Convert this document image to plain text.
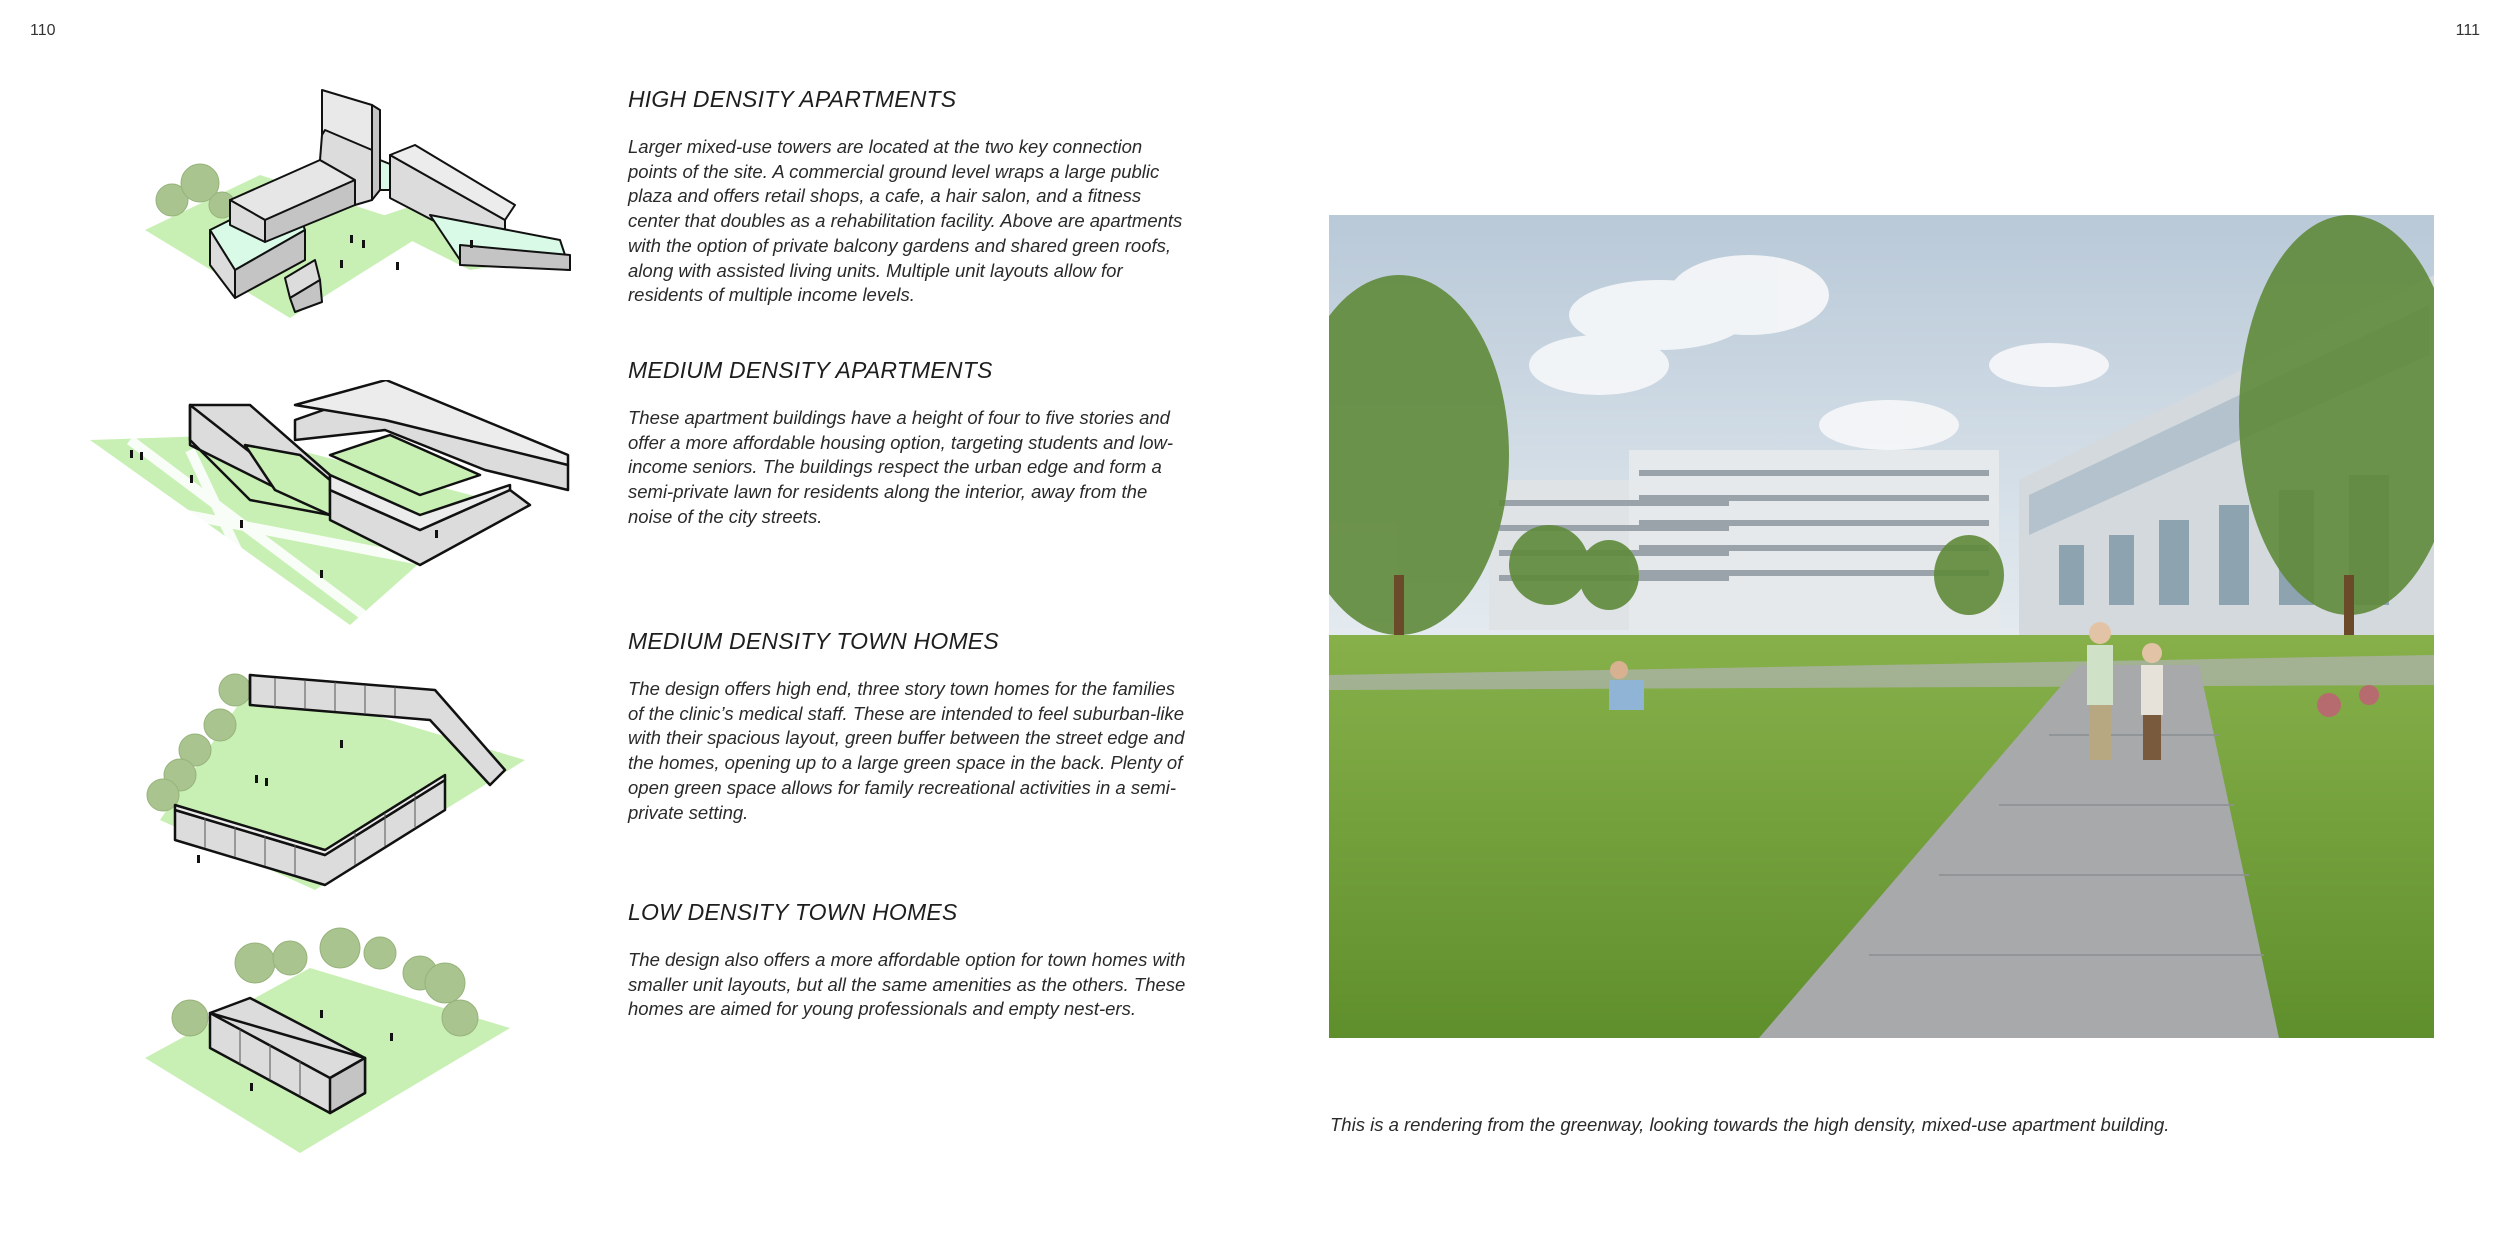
110	111
HIGH DENSITY APARTMENTS

Larger mixed-use towers are located at the two key connection points of the site. A commercial ground level wraps a large public plaza and offers retail shops, a cafe, a hair salon, and a fitness center that doubles as a rehabilitation facility. Above are apartments with the option of private balcony gardens and shared green roofs, along with assisted living units. Multiple unit layouts allow for residents of multiple income levels.

MEDIUM DENSITY APARTMENTS

These apartment buildings have a height of four to five stories and offer a more affordable housing option, targeting students and low-income seniors. The buildings respect the urban edge and form a semi-private lawn for residents along the interior, away from the noise of the city streets.

MEDIUM DENSITY TOWN HOMES

The design offers high end, three story town homes for the families of the clinic’s medical staff. These are intended to feel suburban-like with their spacious layout, green buffer between the street edge and the homes, opening up to a large green space in the back. Plenty of open green space allows for family recreational activities in a semi-private setting.

LOW DENSITY TOWN HOMES

The design also offers a more affordable option for town homes with smaller unit layouts, but all the same amenities as the others. These homes are aimed for young professionals and empty nest-ers.

This is a rendering from the greenway, looking towards the high density, mixed-use apartment building.
